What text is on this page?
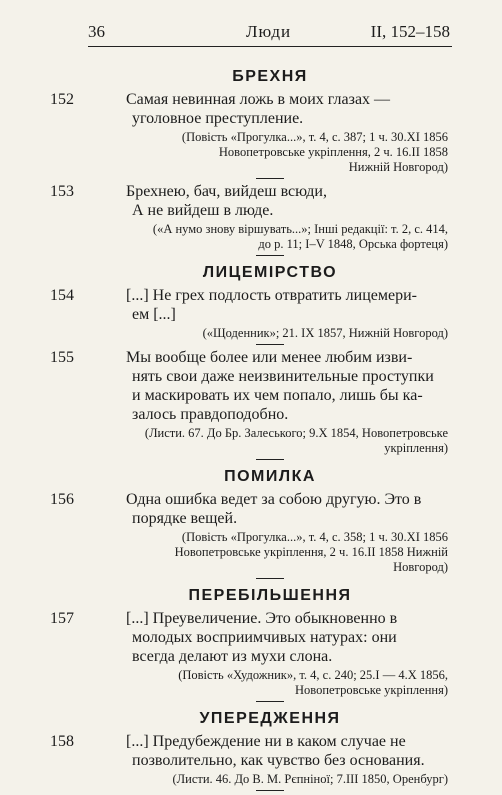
36	Люди	II, 152–158
БРЕХНЯ
152	Самая невинная ложь в моих глазах —
уголовное преступление.
(Повість «Прогулка...», т. 4, с. 387; 1 ч. 30.XI 1856
Новопетровське укріплення, 2 ч. 16.II 1858
Нижній Новгород)
153	Брехнею, бач, вийдеш всюди,
А не вийдеш в люде.
(«А нумо знову віршувать...»; Інші редакції: т. 2, с. 414,
до р. 11; I–V 1848, Орська фортеця)
ЛИЦЕМІРСТВО
154	[...] Не грех подлость отвратить лицемери-
ем [...]
(«Щоденник»; 21. IX 1857, Нижній Новгород)
155	Мы вообще более или менее любим изви-
нять свои даже неизвинительные проступки
и маскировать их чем попало, лишь бы ка-
залось правдоподобно.
(Листи. 67. До Бр. Залеського; 9.X 1854, Новопетровське
укріплення)
ПОМИЛКА
156	Одна ошибка ведет за собою другую. Это в
порядке вещей.
(Повість «Прогулка...», т. 4, с. 358; 1 ч. 30.XI 1856
Новопетровське укріплення, 2 ч. 16.II 1858 Нижній
Новгород)
ПЕРЕБІЛЬШЕННЯ
157	[...] Преувеличение. Это обыкновенно в
молодых восприимчивых натурах: они
всегда делают из мухи слона.
(Повість «Художник», т. 4, с. 240; 25.I — 4.X 1856,
Новопетровське укріплення)
УПЕРЕДЖЕННЯ
158	[...] Предубеждение ни в каком случае не
позволительно, как чувство без основания.
(Листи. 46. До В. М. Рєпніної; 7.III 1850, Оренбург)
